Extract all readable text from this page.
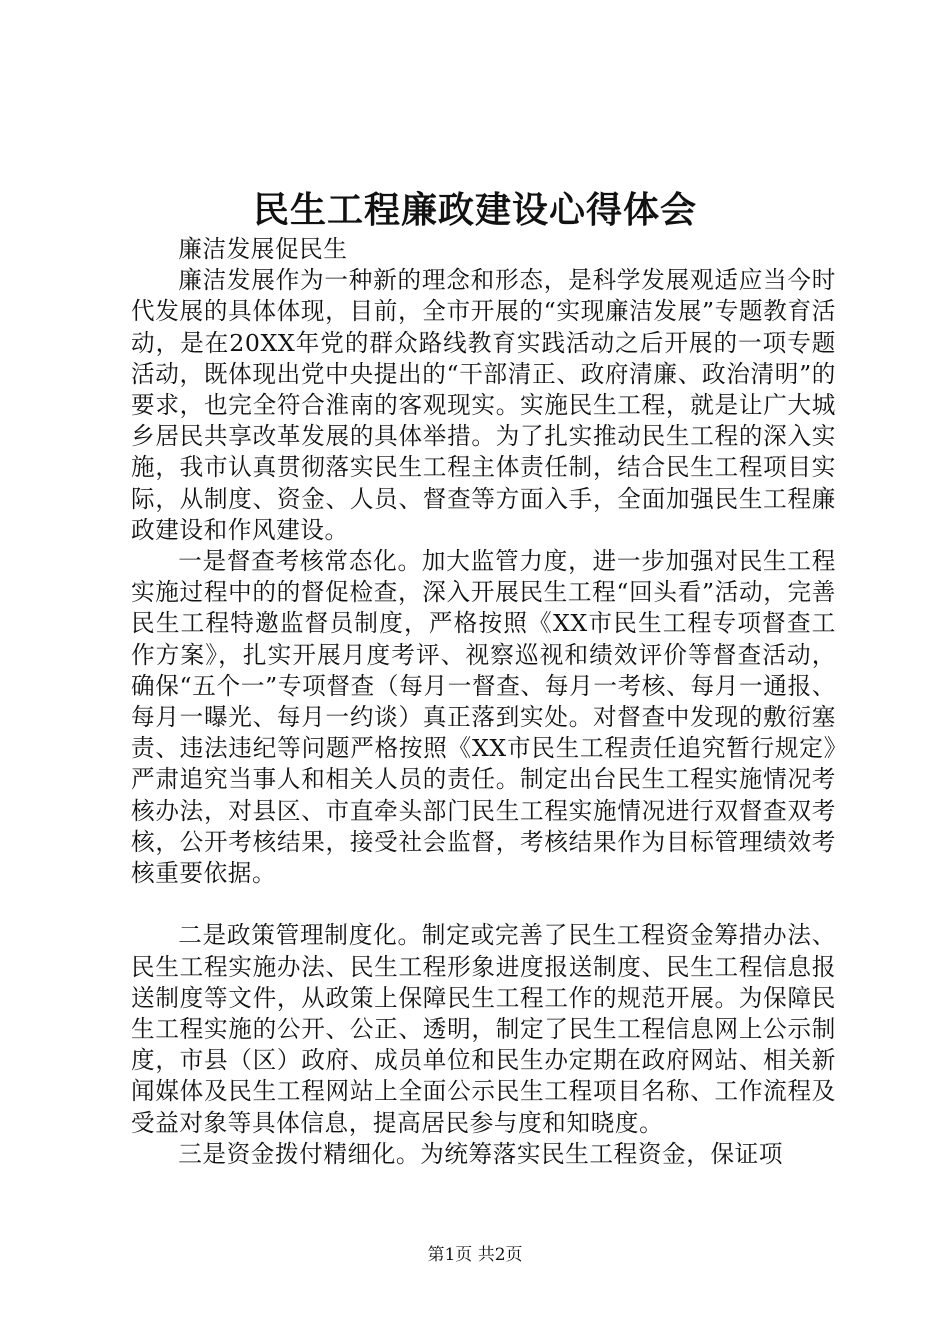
民生工程廉政建设心得体会

廉洁发展促民生

廉洁发展作为一种新的理念和形态，是科学发展观适应当今时代发展的具体体现，目前，全市开展的“实现廉洁发展”专题教育活动，是在20XX年党的群众路线教育实践活动之后开展的一项专题活动，既体现出党中央提出的“干部清正、政府清廉、政治清明”的要求，也完全符合淮南的客观现实。实施民生工程，就是让广大城乡居民共享改革发展的具体举措。为了扎实推动民生工程的深入实施，我市认真贯彻落实民生工程主体责任制，结合民生工程项目实际，从制度、资金、人员、督查等方面入手，全面加强民生工程廉政建设和作风建设。

一是督查考核常态化。加大监管力度，进一步加强对民生工程实施过程中的的督促检查，深入开展民生工程“回头看”活动，完善民生工程特邀监督员制度，严格按照《XX市民生工程专项督查工作方案》，扎实开展月度考评、视察巡视和绩效评价等督查活动，确保“五个一”专项督查（每月一督查、每月一考核、每月一通报、每月一曝光、每月一约谈）真正落到实处。对督查中发现的敷衍塞责、违法违纪等问题严格按照《XX市民生工程责任追究暂行规定》严肃追究当事人和相关人员的责任。制定出台民生工程实施情况考核办法，对县区、市直牵头部门民生工程实施情况进行双督查双考核，公开考核结果，接受社会监督，考核结果作为目标管理绩效考核重要依据。

二是政策管理制度化。制定或完善了民生工程资金筹措办法、民生工程实施办法、民生工程形象进度报送制度、民生工程信息报送制度等文件，从政策上保障民生工程工作的规范开展。为保障民生工程实施的公开、公正、透明，制定了民生工程信息网上公示制度，市县（区）政府、成员单位和民生办定期在政府网站、相关新闻媒体及民生工程网站上全面公示民生工程项目名称、工作流程及受益对象等具体信息，提高居民参与度和知晓度。

三是资金拨付精细化。为统筹落实民生工程资金，保证项

第1页 共2页
